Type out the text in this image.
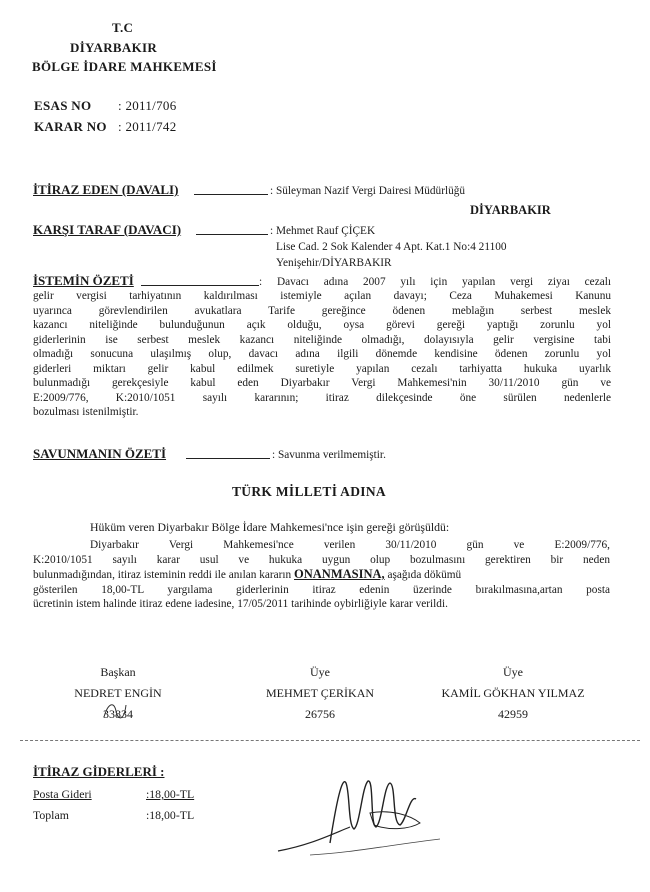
T.C
DİYARBAKIR
BÖLGE İDARE MAHKEMESİ
ESAS NO : 2011/706
KARAR NO : 2011/742
İTİRAZ EDEN (DAVALI)	: Süleyman Nazif Vergi Dairesi Müdürlüğü
DİYARBAKIR
KARŞI TARAF (DAVACI)	: Mehmet Rauf ÇİÇEK
Lise Cad. 2 Sok Kalender 4 Apt. Kat.1 No:4 21100
Yenişehir/DİYARBAKIR
İSTEMİN ÖZETİ	: Davacı adına 2007 yılı için yapılan vergi ziyaı cezalı
gelir vergisi tarhiyatının kaldırılması istemiyle açılan davayı; Ceza Muhakemesi Kanunu
uyarınca görevlendirilen avukatlara Tarife gereğince ödenen meblağın serbest meslek
kazancı niteliğinde bulunduğunun açık olduğu, oysa görevi gereği yaptığı zorunlu yol
giderlerinin ise serbest meslek kazancı niteliğinde olmadığı, dolayısıyla gelir vergisine tabi
olmadığı sonucuna ulaşılmış olup, davacı adına ilgili dönemde kendisine ödenen zorunlu yol
giderleri miktarı gelir kabul edilmek suretiyle yapılan cezalı tarhiyatta hukuka uyarlık
bulunmadığı gerekçesiyle kabul eden Diyarbakır Vergi Mahkemesi'nin 30/11/2010 gün ve
E:2009/776, K:2010/1051 sayılı kararının; itiraz dilekçesinde öne sürülen nedenlerle
bozulması istenilmiştir.
SAVUNMANIN ÖZETİ	: Savunma verilmemiştir.
TÜRK MİLLETİ ADINA
Hüküm veren Diyarbakır Bölge İdare Mahkemesi'nce işin gereği görüşüldü:
Diyarbakır Vergi Mahkemesi'nce verilen 30/11/2010 gün ve E:2009/776,
K:2010/1051 sayılı karar usul ve hukuka uygun olup bozulmasını gerektiren bir neden
bulunmadığından, itiraz isteminin reddi ile anılan kararın ONANMASINA, aşağıda dökümü
gösterilen 18,00-TL yargılama giderlerinin itiraz edenin üzerinde bırakılmasına,artan posta
ücretinin istem halinde itiraz edene iadesine, 17/05/2011 tarihinde oybirliğiyle karar verildi.
Başkan
NEDRET ENGİN
33834
Üye
MEHMET ÇERİKAN
26756
Üye
KAMİL GÖKHAN YILMAZ
42959
İTİRAZ GİDERLERİ :
Posta Gideri	:18,00-TL
Toplam	:18,00-TL
